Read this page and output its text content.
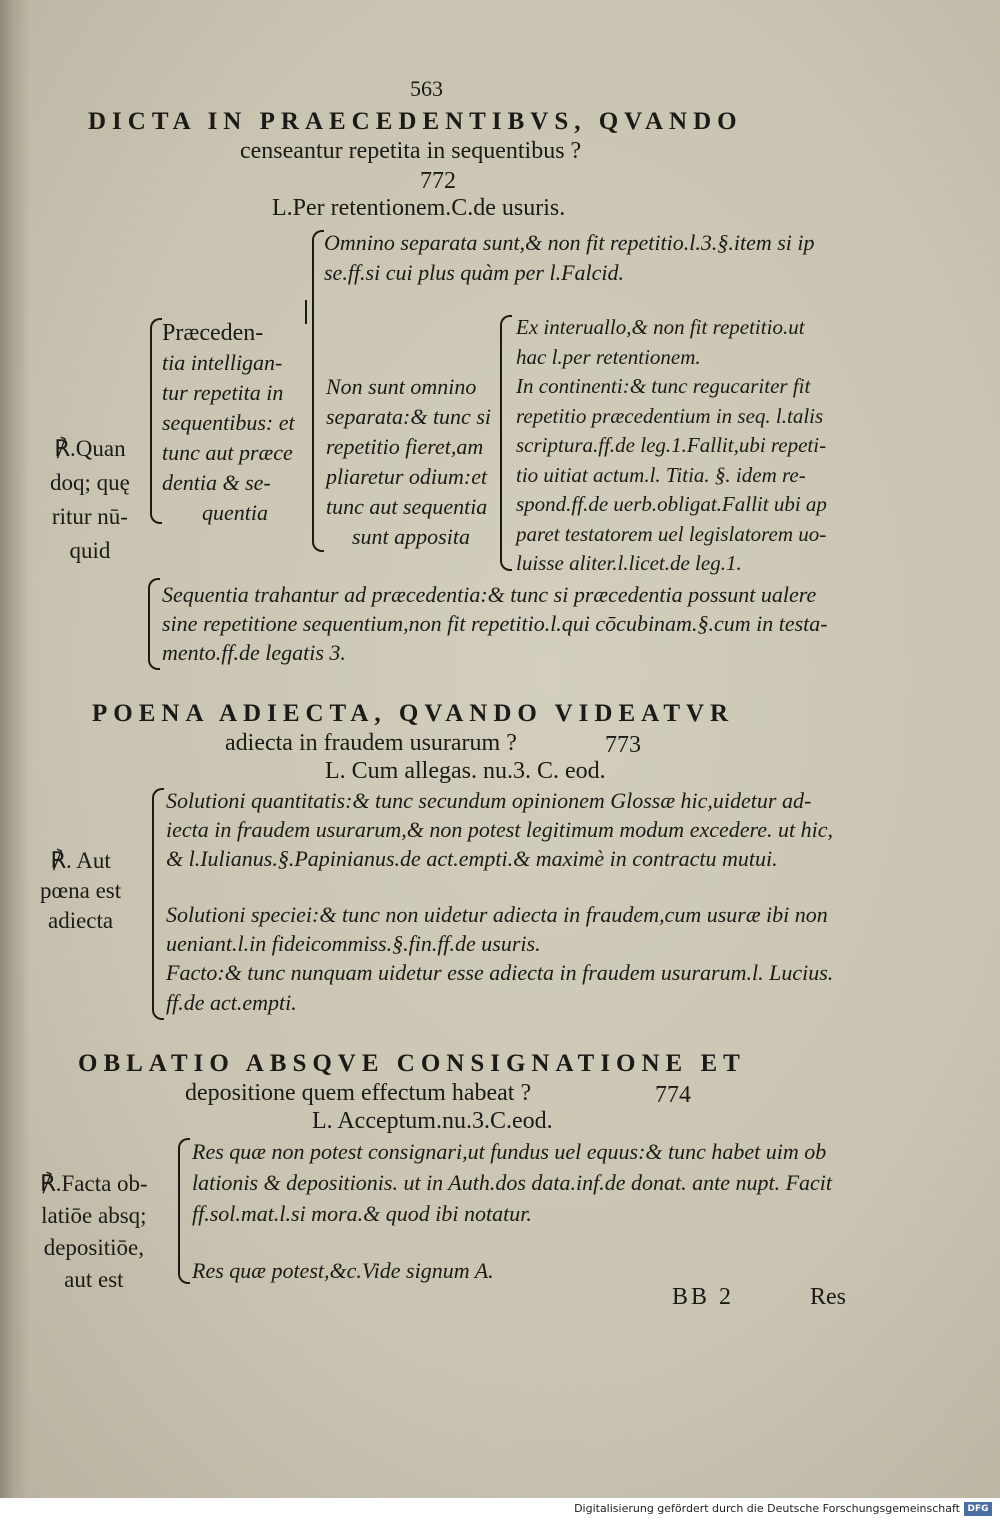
563
DICTA IN PRAECEDENTIBVS, QVANDO
censeantur repetita in sequentibus ?
772
L.Per retentionem.C.de usuris.
℟.Quan
doq; quę
ritur nū-
quid
Præceden-
tia intelligan-
tur repetita in
sequentibus: et
tunc aut præce
dentia & se-
quentia
Omnino separata sunt,& non fit repetitio.l.3.§.item si ip
se.ff.si cui plus quàm per l.Falcid.
Non sunt omnino
separata:& tunc si
repetitio fieret,am
pliaretur odium:et
tunc aut sequentia
sunt apposita
Ex interuallo,& non fit repetitio.ut
hac l.per retentionem.
In continenti:& tunc regucariter fit
repetitio præcedentium in seq. l.talis
scriptura.ff.de leg.1.Fallit,ubi repeti-
tio uitiat actum.l. Titia. §. idem re-
spond.ff.de uerb.obligat.Fallit ubi ap
paret testatorem uel legislatorem uo-
luisse aliter.l.licet.de leg.1.
Sequentia trahantur ad præcedentia:& tunc si præcedentia possunt ualere
sine repetitione sequentium,non fit repetitio.l.qui cōcubinam.§.cum in testa-
mento.ff.de legatis 3.
POENA ADIECTA, QVANDO VIDEATVR
adiecta in fraudem usurarum ?	773
L. Cum allegas. nu.3. C. eod.
℟. Aut
pœna est
adiecta
Solutioni quantitatis:& tunc secundum opinionem Glossæ hic,uidetur ad-
iecta in fraudem usurarum,& non potest legitimum modum excedere. ut hic,
& l.Iulianus.§.Papinianus.de act.empti.& maximè in contractu mutui.
Solutioni speciei:& tunc non uidetur adiecta in fraudem,cum usuræ ibi non
ueniant.l.in fideicommiss.§.fin.ff.de usuris.
Facto:& tunc nunquam uidetur esse adiecta in fraudem usurarum.l. Lucius.
ff.de act.empti.
OBLATIO ABSQVE CONSIGNATIONE ET
depositione quem effectum habeat ?	774
L. Acceptum.nu.3.C.eod.
℟.Facta ob-
latiōe absq;
depositiōe,
aut est
Res quæ non potest consignari,ut fundus uel equus:& tunc habet uim ob
lationis & depositionis. ut in Auth.dos data.inf.de donat. ante nupt. Facit
ff.sol.mat.l.si mora.& quod ibi notatur.
Res quæ potest,&c.Vide signum A.
BB 2	Res
Digitalisierung gefördert durch die Deutsche Forschungsgemeinschaft DFG
